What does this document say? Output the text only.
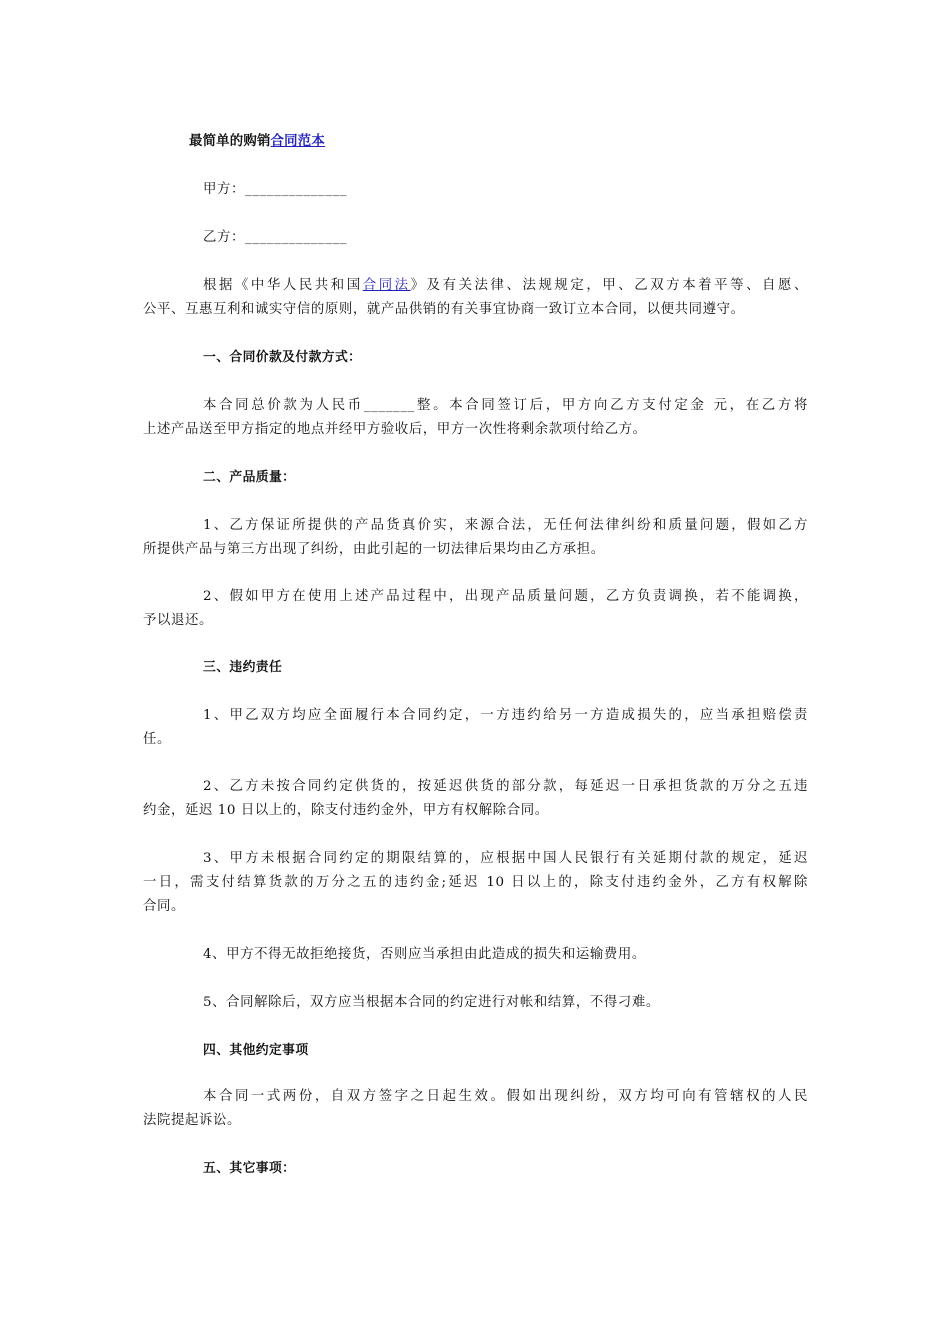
最简单的购销合同范本
甲方：______________
乙方：______________
根据《中华人民共和国合同法》及有关法律、法规规定，甲、乙双方本着平等、自愿、
公平、互惠互利和诚实守信的原则，就产品供销的有关事宜协商一致订立本合同，以便共同遵守。
一、合同价款及付款方式：
本合同总价款为人民币_______整。本合同签订后，甲方向乙方支付定金 元，在乙方将
上述产品送至甲方指定的地点并经甲方验收后，甲方一次性将剩余款项付给乙方。
二、产品质量：
1、乙方保证所提供的产品货真价实，来源合法，无任何法律纠纷和质量问题，假如乙方
所提供产品与第三方出现了纠纷，由此引起的一切法律后果均由乙方承担。
2、假如甲方在使用上述产品过程中，出现产品质量问题，乙方负责调换，若不能调换，
予以退还。
三、违约责任
1、甲乙双方均应全面履行本合同约定，一方违约给另一方造成损失的，应当承担赔偿责
任。
2、乙方未按合同约定供货的，按延迟供货的部分款，每延迟一日承担货款的万分之五违
约金，延迟 10 日以上的，除支付违约金外，甲方有权解除合同。
3、甲方未根据合同约定的期限结算的，应根据中国人民银行有关延期付款的规定，延迟
一日，需支付结算货款的万分之五的违约金;延迟 10 日以上的，除支付违约金外，乙方有权解除
合同。
4、甲方不得无故拒绝接货，否则应当承担由此造成的损失和运输费用。
5、合同解除后，双方应当根据本合同的约定进行对帐和结算，不得刁难。
四、其他约定事项
本合同一式两份，自双方签字之日起生效。假如出现纠纷，双方均可向有管辖权的人民
法院提起诉讼。
五、其它事项：
